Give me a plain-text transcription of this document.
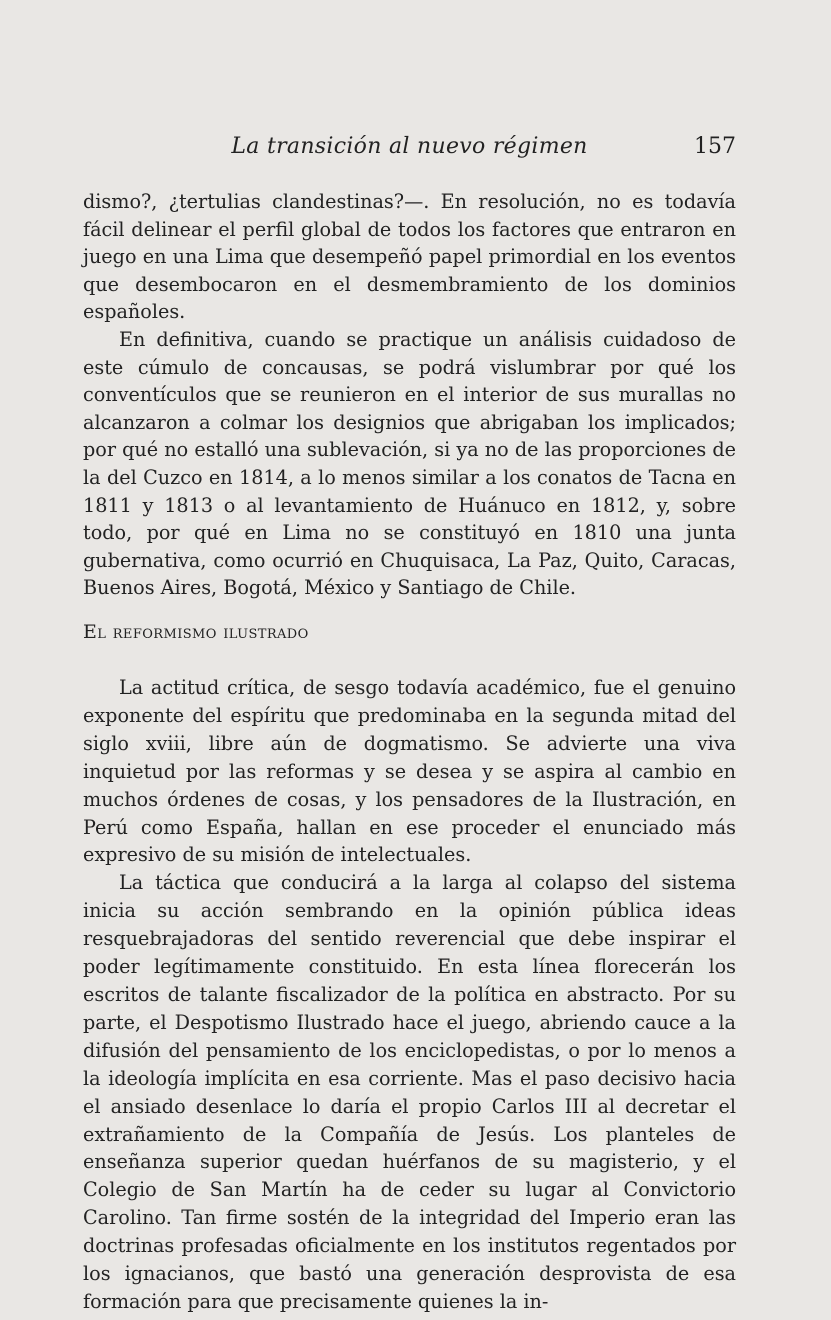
La transición al nuevo régimen	157

dismo?, ¿tertulias clandestinas?—. En resolución, no es todavía fácil delinear el perfil global de todos los factores que entraron en juego en una Lima que desempeñó papel primordial en los eventos que desembocaron en el desmembramiento de los dominios españoles.

En definitiva, cuando se practique un análisis cuidadoso de este cúmulo de concausas, se podrá vislumbrar por qué los conventículos que se reunieron en el interior de sus murallas no alcanzaron a colmar los designios que abrigaban los implicados; por qué no estalló una sublevación, si ya no de las proporciones de la del Cuzco en 1814, a lo menos similar a los conatos de Tacna en 1811 y 1813 o al levantamiento de Huánuco en 1812, y, sobre todo, por qué en Lima no se constituyó en 1810 una junta gubernativa, como ocurrió en Chuquisaca, La Paz, Quito, Caracas, Buenos Aires, Bogotá, México y Santiago de Chile.

El reformismo ilustrado

La actitud crítica, de sesgo todavía académico, fue el genuino exponente del espíritu que predominaba en la segunda mitad del siglo xviii, libre aún de dogmatismo. Se advierte una viva inquietud por las reformas y se desea y se aspira al cambio en muchos órdenes de cosas, y los pensadores de la Ilustración, en Perú como España, hallan en ese proceder el enunciado más expresivo de su misión de intelectuales.

La táctica que conducirá a la larga al colapso del sistema inicia su acción sembrando en la opinión pública ideas resquebrajadoras del sentido reverencial que debe inspirar el poder legítimamente constituido. En esta línea florecerán los escritos de talante fiscalizador de la política en abstracto. Por su parte, el Despotismo Ilustrado hace el juego, abriendo cauce a la difusión del pensamiento de los enciclopedistas, o por lo menos a la ideología implícita en esa corriente. Mas el paso decisivo hacia el ansiado desenlace lo daría el propio Carlos III al decretar el extrañamiento de la Compañía de Jesús. Los planteles de enseñanza superior quedan huérfanos de su magisterio, y el Colegio de San Martín ha de ceder su lugar al Convictorio Carolino. Tan firme sostén de la integridad del Imperio eran las doctrinas profesadas oficialmente en los institutos regentados por los ignacianos, que bastó una generación desprovista de esa formación para que precisamente quienes la in-
